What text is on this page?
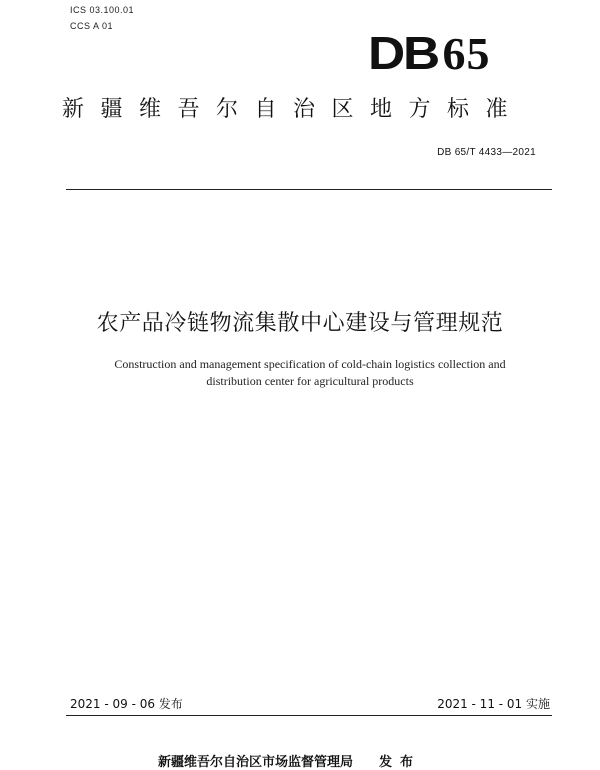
ICS 03.100.01
CCS A 01
DB65
新疆维吾尔自治区地方标准
DB 65/T 4433—2021
农产品冷链物流集散中心建设与管理规范
Construction and management specification of cold-chain logistics collection and
distribution center for agricultural products
2021 - 09 - 06 发布	2021 - 11 - 01 实施
新疆维吾尔自治区市场监督管理局 发布
